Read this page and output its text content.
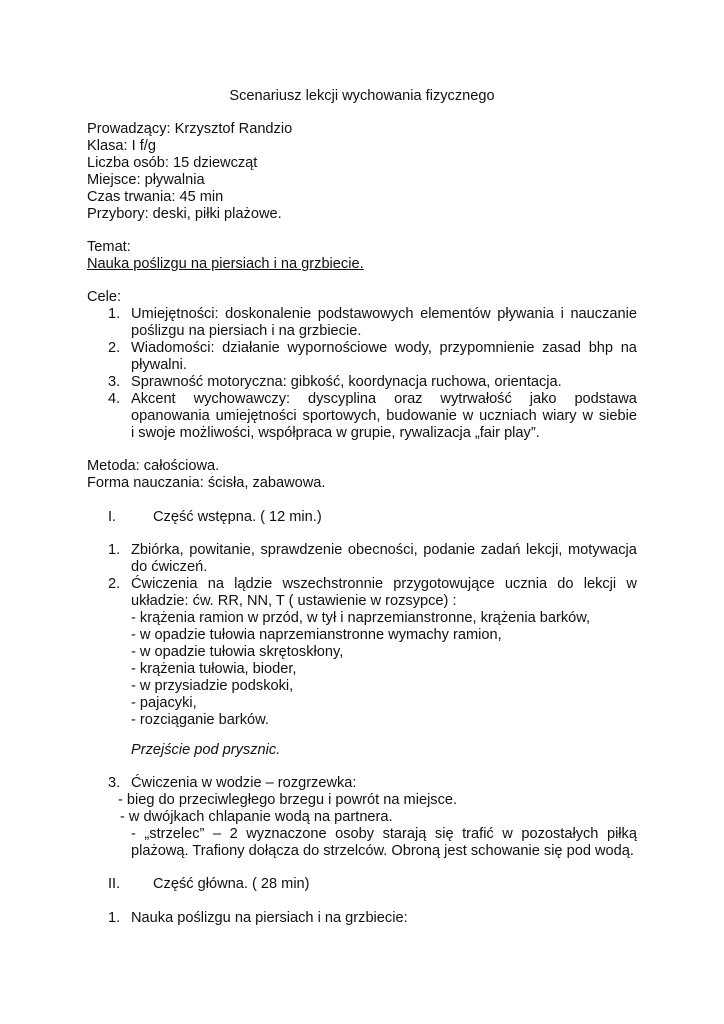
Scenariusz lekcji wychowania fizycznego
Prowadzący: Krzysztof Randzio
Klasa: I f/g
Liczba osób: 15 dziewcząt
Miejsce: pływalnia
Czas trwania: 45 min
Przybory: deski, piłki plażowe.
Temat:
Nauka poślizgu na piersiach i na grzbiecie.
Cele:
1. Umiejętności: doskonalenie podstawowych elementów pływania i nauczanie
poślizgu na piersiach i na grzbiecie.
2. Wiadomości: działanie wypornościowe wody, przypomnienie zasad bhp na
pływalni.
3. Sprawność motoryczna: gibkość, koordynacja ruchowa, orientacja.
4. Akcent wychowawczy: dyscyplina oraz wytrwałość jako podstawa
opanowania umiejętności sportowych, budowanie w uczniach wiary w siebie
i swoje możliwości, współpraca w grupie, rywalizacja „fair play”.
Metoda: całościowa.
Forma nauczania: ścisła, zabawowa.
I.	Część wstępna. ( 12 min.)
1. Zbiórka, powitanie, sprawdzenie obecności, podanie zadań lekcji, motywacja
do ćwiczeń.
2. Ćwiczenia na lądzie wszechstronnie przygotowujące ucznia do lekcji w
układzie: ćw. RR, NN, T ( ustawienie w rozsypce) :
- krążenia ramion w przód, w tył i naprzemianstronne, krążenia barków,
- w opadzie tułowia naprzemianstronne wymachy ramion,
- w opadzie tułowia skrętoskłony,
- krążenia tułowia, bioder,
- w przysiadzie podskoki,
- pajacyki,
- rozciąganie barków.
Przejście pod prysznic.
3. Ćwiczenia w wodzie – rozgrzewka:
- bieg do przeciwległego brzegu i powrót na miejsce.
- w dwójkach chlapanie wodą na partnera.
- „strzelec” – 2 wyznaczone osoby starają się trafić w pozostałych piłką
plażową. Trafiony dołącza do strzelców. Obroną jest schowanie się pod wodą.
II. Część główna. ( 28 min)
1. Nauka poślizgu na piersiach i na grzbiecie:
